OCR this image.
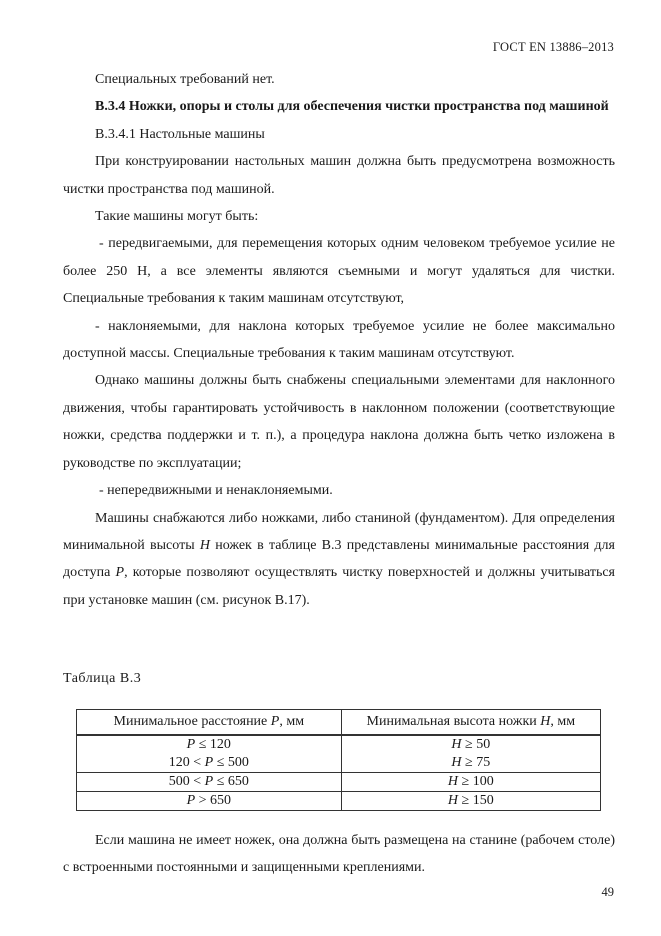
ГОСТ EN 13886–2013

Специальных требований нет.

B.3.4 Ножки, опоры и столы для обеспечения чистки пространства под машиной

B.3.4.1 Настольные машины

При конструировании настольных машин должна быть предусмотрена возможность чистки пространства под машиной.

Такие машины могут быть:

- передвигаемыми, для перемещения которых одним человеком требуемое усилие не более 250 Н, а все элементы являются съемными и могут удаляться для чистки. Специальные требования к таким машинам отсутствуют,

- наклоняемыми, для наклона которых требуемое усилие не более максимально доступной массы. Специальные требования к таким машинам отсутствуют.

Однако машины должны быть снабжены специальными элементами для наклонного движения, чтобы гарантировать устойчивость в наклонном положении (соответствующие ножки, средства поддержки и т. п.), а процедура наклона должна быть четко изложена в руководстве по эксплуатации;

- непередвижными и ненаклоняемыми.

Машины снабжаются либо ножками, либо станиной (фундаментом). Для определения минимальной высоты H ножек в таблице В.3 представлены минимальные расстояния для доступа P, которые позволяют осуществлять чистку поверхностей и должны учитываться при установке машин (см. рисунок В.17).

Таблица В.3
Минимальное расстояние P, мм	Минимальная высота ножки H, мм
P ≤ 120	H ≥ 50
120 < P ≤ 500	H ≥ 75
500 < P ≤ 650	H ≥ 100
P > 650	H ≥ 150

Если машина не имеет ножек, она должна быть размещена на станине (рабочем столе) с встроенными постоянными и защищенными креплениями.

49
